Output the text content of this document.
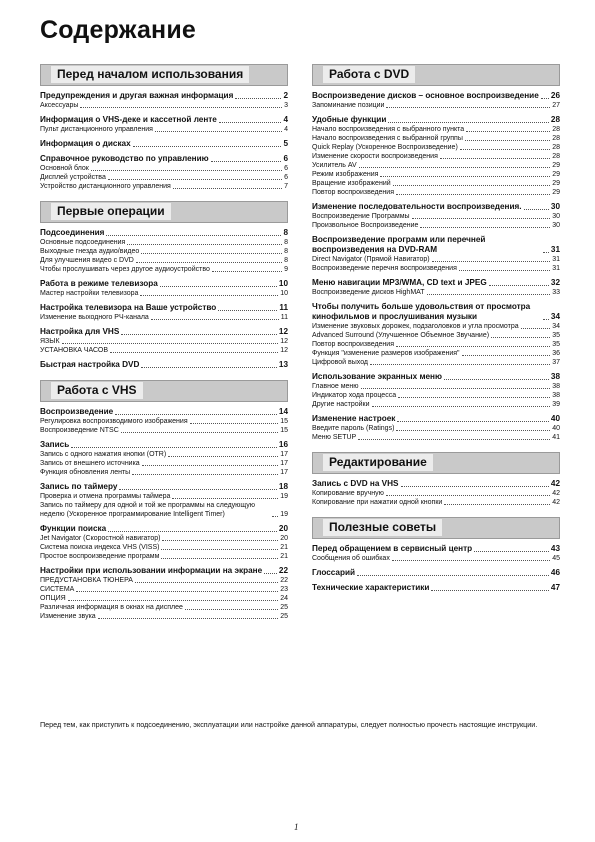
Содержание
Перед началом использования
Предупреждения и другая важная информация	2
Аксессуары	3
Информация о VHS-деке и кассетной ленте	4
Пульт дистанционного управления	4
Информация о дисках	5
Справочное руководство по управлению	6
Основной блок	6
Дисплей устройства	6
Устройство дистанционного управления	7
Первые операции
Подсоединения	8
Основные подсоединения	8
Выходные гнезда аудио/видео	8
Для улучшения видео с DVD	8
Чтобы прослушивать через другое аудиоустройство	9
Работа в режиме телевизора	10
Мастер настройки телевизора	10
Настройка телевизора на Ваше устройство	11
Изменение выходного РЧ-канала	11
Настройка для VHS	12
ЯЗЫК	12
УСТАНОВКА ЧАСОВ	12
Быстрая настройка DVD	13
Работа с VHS
Воспроизведение	14
Регулировка воспроизводимого изображения	15
Воспроизведение NTSC	15
Запись	16
Запись с одного нажатия кнопки (OTR)	17
Запись от внешнего источника	17
Функция обновления ленты	17
Запись по таймеру	18
Проверка и отмена программы таймера	19
Запись по таймеру для одной и той же программы на следующую неделю (Ускоренное программирование Intelligent Timer)	19
Функции поиска	20
Jet Navigator (Скоростной навигатор)	20
Система поиска индекса VHS (VISS)	21
Простое воспроизведение программ	21
Настройки при использовании информации на экране 22
ПРЕДУСТАНОВКА ТЮНЕРА	22
СИСТЕМА	23
ОПЦИЯ	24
Различная информация в окнах на дисплее	25
Изменение звука	25
Работа с DVD
Воспроизведение дисков – основное воспроизведение 26
Запоминание позиции	27
Удобные функции	28
Начало воспроизведения с выбранного пункта	28
Начало воспроизведения с выбранной группы	28
Quick Replay (Ускоренное Воспроизведение)	28
Изменение скорости воспроизведения	28
Усилитель AV	29
Режим изображения	29
Вращение изображений	29
Повтор воспроизведения	29
Изменение последовательности воспроизведения.	30
Воспроизведение Программы	30
Произвольное Воспроизведение	30
Воспроизведение программ или перечней воспроизведения на DVD-RAM	31
Direct Navigator (Прямой Навигатор)	31
Воспроизведение перечня воспроизведения	31
Меню навигации MP3/WMA, CD text и JPEG	32
Воспроизведение дисков HighMAT	33
Чтобы получить больше удовольствия от просмотра кинофильмов и прослушивания музыки	34
Изменение звуковых дорожек, подзаголовков и угла просмотра	34
Advanced Surround (Улучшенное Объемное Звучание)	35
Повтор воспроизведения	35
Функция "изменение размеров изображения"	36
Цифровой выход	37
Использование экранных меню	38
Главное меню	38
Индикатор хода процесса	38
Другие настройки	39
Изменение настроек	40
Введите пароль (Ratings)	40
Меню SETUP	41
Редактирование
Запись с DVD на VHS	42
Копирование вручную	42
Копирование при нажатии одной кнопки	42
Полезные советы
Перед обращением в сервисный центр	43
Сообщения об ошибках	45
Глоссарий	46
Технические характеристики	47
Перед тем, как приступить к подсоединению, эксплуатации или настройке данной аппаратуры, следует полностью прочесть настоящие инструкции.
1
